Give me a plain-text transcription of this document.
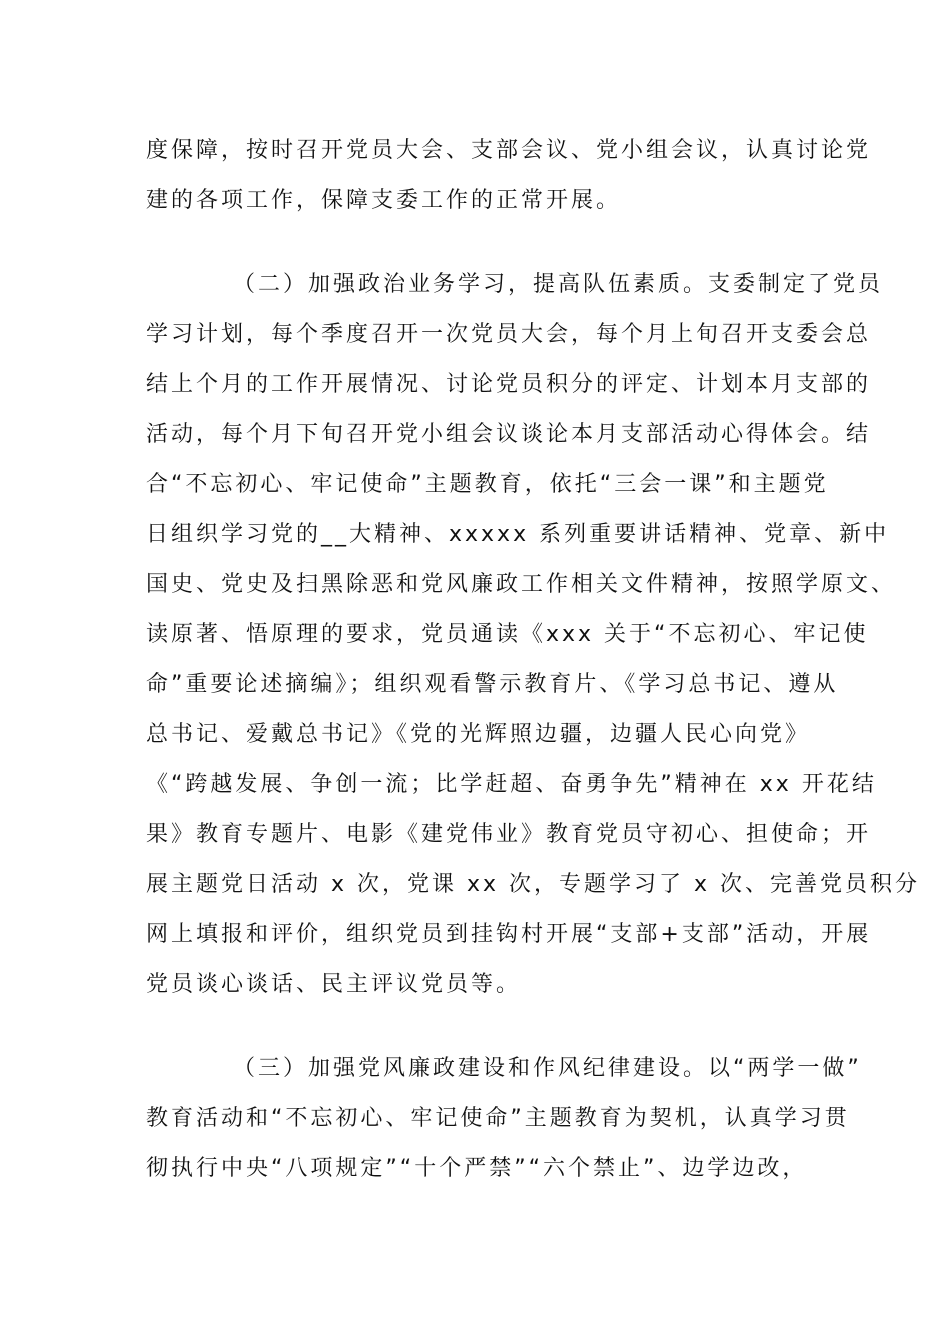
度保障，按时召开党员大会、支部会议、党小组会议，认真讨论党
建的各项工作，保障支委工作的正常开展。
（二）加强政治业务学习，提高队伍素质。支委制定了党员
学习计划，每个季度召开一次党员大会，每个月上旬召开支委会总
结上个月的工作开展情况、讨论党员积分的评定、计划本月支部的
活动，每个月下旬召开党小组会议谈论本月支部活动心得体会。结
合“不忘初心、牢记使命”主题教育，依托“三会一课”和主题党
日组织学习党的__大精神、xxxxx 系列重要讲话精神、党章、新中
国史、党史及扫黑除恶和党风廉政工作相关文件精神，按照学原文、
读原著、悟原理的要求，党员通读《xxx 关于“不忘初心、牢记使
命”重要论述摘编》；组织观看警示教育片、《学习总书记、遵从
总书记、爱戴总书记》《党的光辉照边疆，边疆人民心向党》
《“跨越发展、争创一流；比学赶超、奋勇争先”精神在 xx 开花结
果》教育专题片、电影《建党伟业》教育党员守初心、担使命；开
展主题党日活动 x 次，党课 xx 次，专题学习了 x 次、完善党员积分
网上填报和评价，组织党员到挂钩村开展“支部+支部”活动，开展
党员谈心谈话、民主评议党员等。
（三）加强党风廉政建设和作风纪律建设。以“两学一做”
教育活动和“不忘初心、牢记使命”主题教育为契机，认真学习贯
彻执行中央“八项规定”“十个严禁”“六个禁止”、边学边改，
